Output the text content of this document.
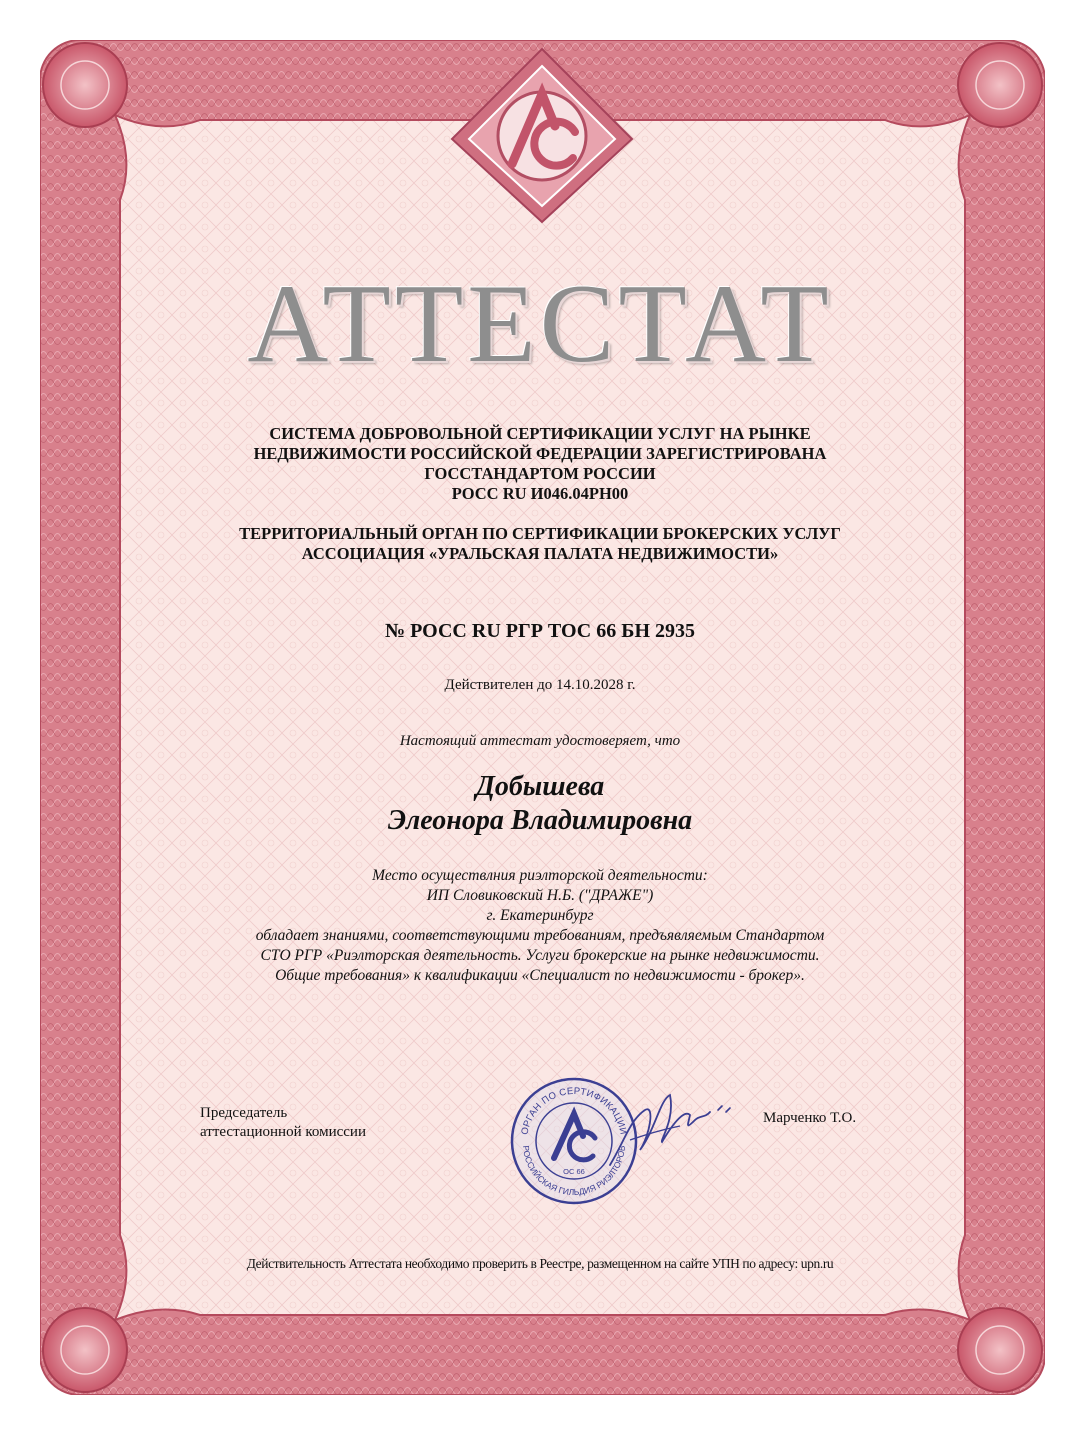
АТТЕСТАТ

СИСТЕМА ДОБРОВОЛЬНОЙ СЕРТИФИКАЦИИ УСЛУГ НА РЫНКЕ
НЕДВИЖИМОСТИ РОССИЙСКОЙ ФЕДЕРАЦИИ ЗАРЕГИСТРИРОВАНА
ГОССТАНДАРТОМ РОССИИ
РОСС RU И046.04РН00
ТЕРРИТОРИАЛЬНЫЙ ОРГАН ПО СЕРТИФИКАЦИИ БРОКЕРСКИХ УСЛУГ
АССОЦИАЦИЯ «УРАЛЬСКАЯ ПАЛАТА НЕДВИЖИМОСТИ»

№ РОСС RU РГР ТОС 66 БН 2935

Действителен до 14.10.2028 г.

Настоящий аттестат удостоверяет, что

Добышева
Элеонора Владимировна
Место осуществлния риэлторской деятельности:
ИП Словиковский Н.Б. ("ДРАЖЕ")
г. Екатеринбург
обладает знаниями, соответствующими требованиям, предъявляемым Стандартом
СТО РГР «Риэлторская деятельность. Услуги брокерские на рынке недвижимости.
Общие требования» к квалификации «Специалист по недвижимости - брокер».
Председатель
аттестационной комиссии	ОРГАН ПО СЕРТИФИКАЦИИ
РОССИЙСКАЯ ГИЛЬДИЯ РИЭЛТОРОВ
ОС 66
Марченко Т.О.

Действительность Аттестата необходимо проверить в Реестре, размещенном на сайте УПН по адресу: upn.ru
